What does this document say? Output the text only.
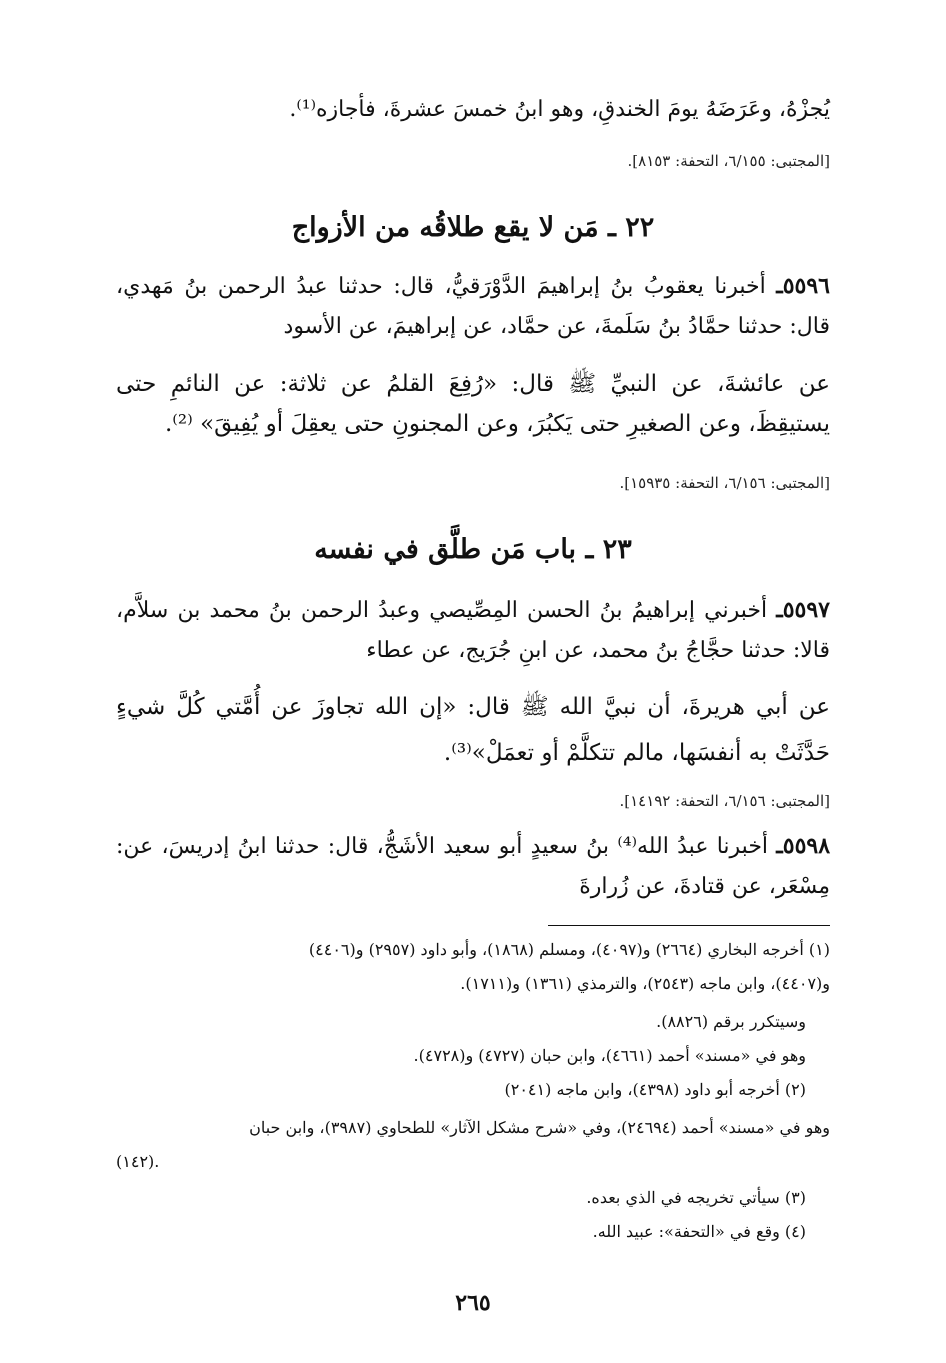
يُجزْهُ، وعَرَضَهُ يومَ الخندقِ، وهو ابنُ خمسَ عشرةَ، فأجازه⁽¹⁾.

[المجتبى: ٦/١٥٥، التحفة: ٨١٥٣].

٢٢ ـ مَن لا يقع طلاقُه من الأزواج

٥٥٩٦ـ أخبرنا يعقوبُ بنُ إبراهيمَ الدَّوْرَقيُّ، قال: حدثنا عبدُ الرحمن بنُ مَهدي، قال: حدثنا حمَّادُ بنُ سَلَمةَ، عن حمَّاد، عن إبراهيمَ، عن الأسود

عن عائشةَ، عن النبيِّ ﷺ قال: «رُفِعَ القلمُ عن ثلاثة: عن النائمِ حتى يستيقِظَ، وعن الصغيرِ حتى يَكبُرَ، وعن المجنونِ حتى يعقِلَ أو يُفِيقَ» ⁽²⁾.

[المجتبى: ٦/١٥٦، التحفة: ١٥٩٣٥].

٢٣ ـ باب مَن طلَّق في نفسه

٥٥٩٧ـ أخبرني إبراهيمُ بنُ الحسن المِصِّيصي وعبدُ الرحمن بنُ محمد بن سلاَّم، قالا: حدثنا حجَّاجُ بنُ محمد، عن ابنِ جُرَيج، عن عطاء

عن أبي هريرةَ، أن نبيَّ الله ﷺ قال: «إن الله تجاوزَ عن أُمَّتي كُلَّ شيءٍ حَدَّثَتْ به أنفسَها، مالم تتكلَّمْ أو تعمَلْ»⁽³⁾.

[المجتبى: ٦/١٥٦، التحفة: ١٤١٩٢].

٥٥٩٨ـ أخبرنا عبدُ الله⁽⁴⁾ بنُ سعيدٍ أبو سعيد الأشَجُّ، قال: حدثنا ابنُ إدريسَ، عن: مِسْعَر، عن قتادةَ، عن زُرارةَ

(١) أخرجه البخاري (٢٦٦٤) و(٤٠٩٧)، ومسلم (١٨٦٨)، وأبو داود (٢٩٥٧) و(٤٤٠٦)

و(٤٤٠٧)، وابن ماجه (٢٥٤٣)، والترمذي (١٣٦١) و(١٧١١).

وسيتكرر برقم (٨٨٢٦).

وهو في «مسند» أحمد (٤٦٦١)، وابن حبان (٤٧٢٧) و(٤٧٢٨).

(٢) أخرجه أبو داود (٤٣٩٨)، وابن ماجه (٢٠٤١)

وهو في «مسند» أحمد (٢٤٦٩٤)، وفي «شرح مشكل الآثار» للطحاوي (٣٩٨٧)، وابن حبان

(١٤٢).

(٣) سيأتي تخريجه في الذي بعده.

(٤) وقع في «التحفة»: عبيد الله.

٢٦٥
